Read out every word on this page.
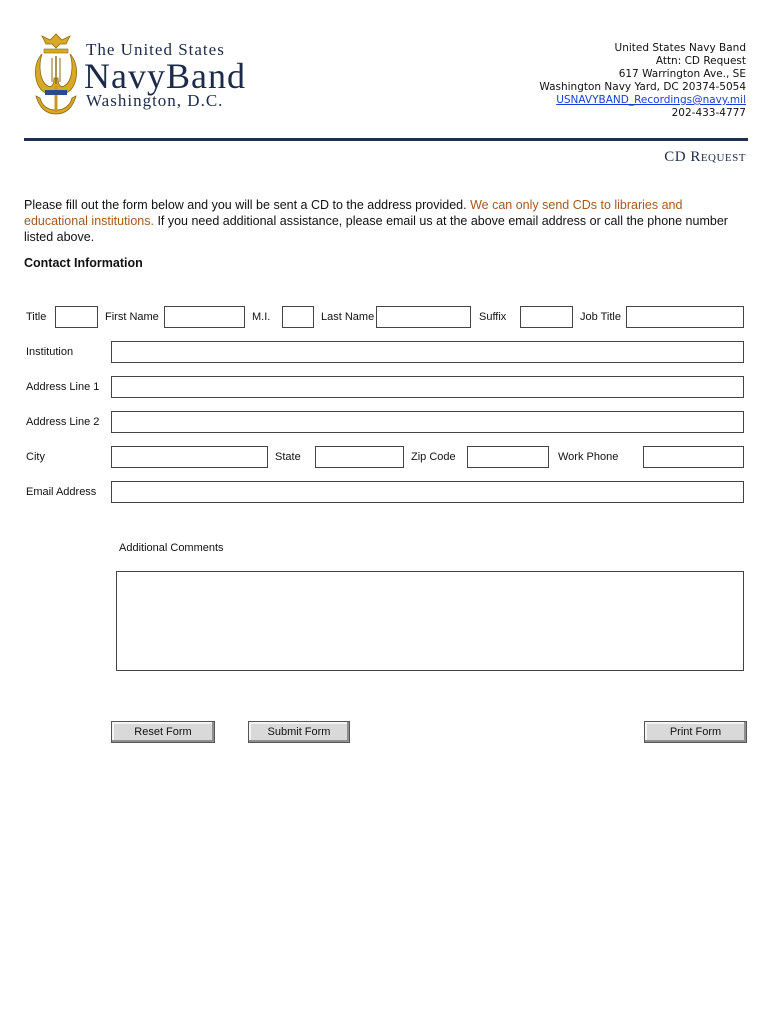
The United States
NavyBand
Washington, D.C.
United States Navy Band
Attn: CD Request
617 Warrington Ave., SE
Washington Navy Yard, DC 20374-5054
USNAVYBAND_Recordings@navy.mil
202-433-4777
CD Request
Please fill out the form below and you will be sent a CD to the address provided. We can only send CDs to libraries and educational institutions. If you need additional assistance, please email us at the above email address or call the phone number listed above.
Contact Information
Title	First Name	M.I.	Last Name	Suffix	Job Title
Institution
Address Line 1
Address Line 2
City	State	Zip Code	Work Phone
Email Address
Additional Comments
Reset Form	Submit Form	Print Form
